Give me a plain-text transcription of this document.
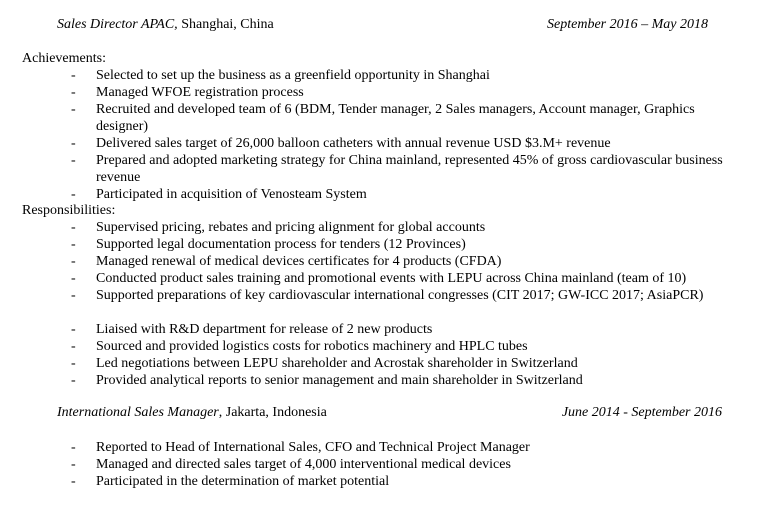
Sales Director APAC, Shanghai, China	September 2016 – May 2018
Achievements:
- Selected to set up the business as a greenfield opportunity in Shanghai
- Managed WFOE registration process
- Recruited and developed team of 6 (BDM, Tender manager, 2 Sales managers, Account manager, Graphics designer)
- Delivered sales target of 26,000 balloon catheters with annual revenue USD $3.M+ revenue
- Prepared and adopted marketing strategy for China mainland, represented 45% of gross cardiovascular business revenue
- Participated in acquisition of Venosteam System
Responsibilities:
- Supervised pricing, rebates and pricing alignment for global accounts
- Supported legal documentation process for tenders (12 Provinces)
- Managed renewal of medical devices certificates for 4 products (CFDA)
- Conducted product sales training and promotional events with LEPU across China mainland (team of 10)
- Supported preparations of key cardiovascular international congresses (CIT 2017; GW-ICC 2017; AsiaPCR)
- Liaised with R&D department for release of 2 new products
- Sourced and provided logistics costs for robotics machinery and HPLC tubes
- Led negotiations between LEPU shareholder and Acrostak shareholder in Switzerland
- Provided analytical reports to senior management and main shareholder in Switzerland
International Sales Manager, Jakarta, Indonesia	June 2014 - September 2016
- Reported to Head of International Sales, CFO and Technical Project Manager
- Managed and directed sales target of 4,000 interventional medical devices
- Participated in the determination of market potential
